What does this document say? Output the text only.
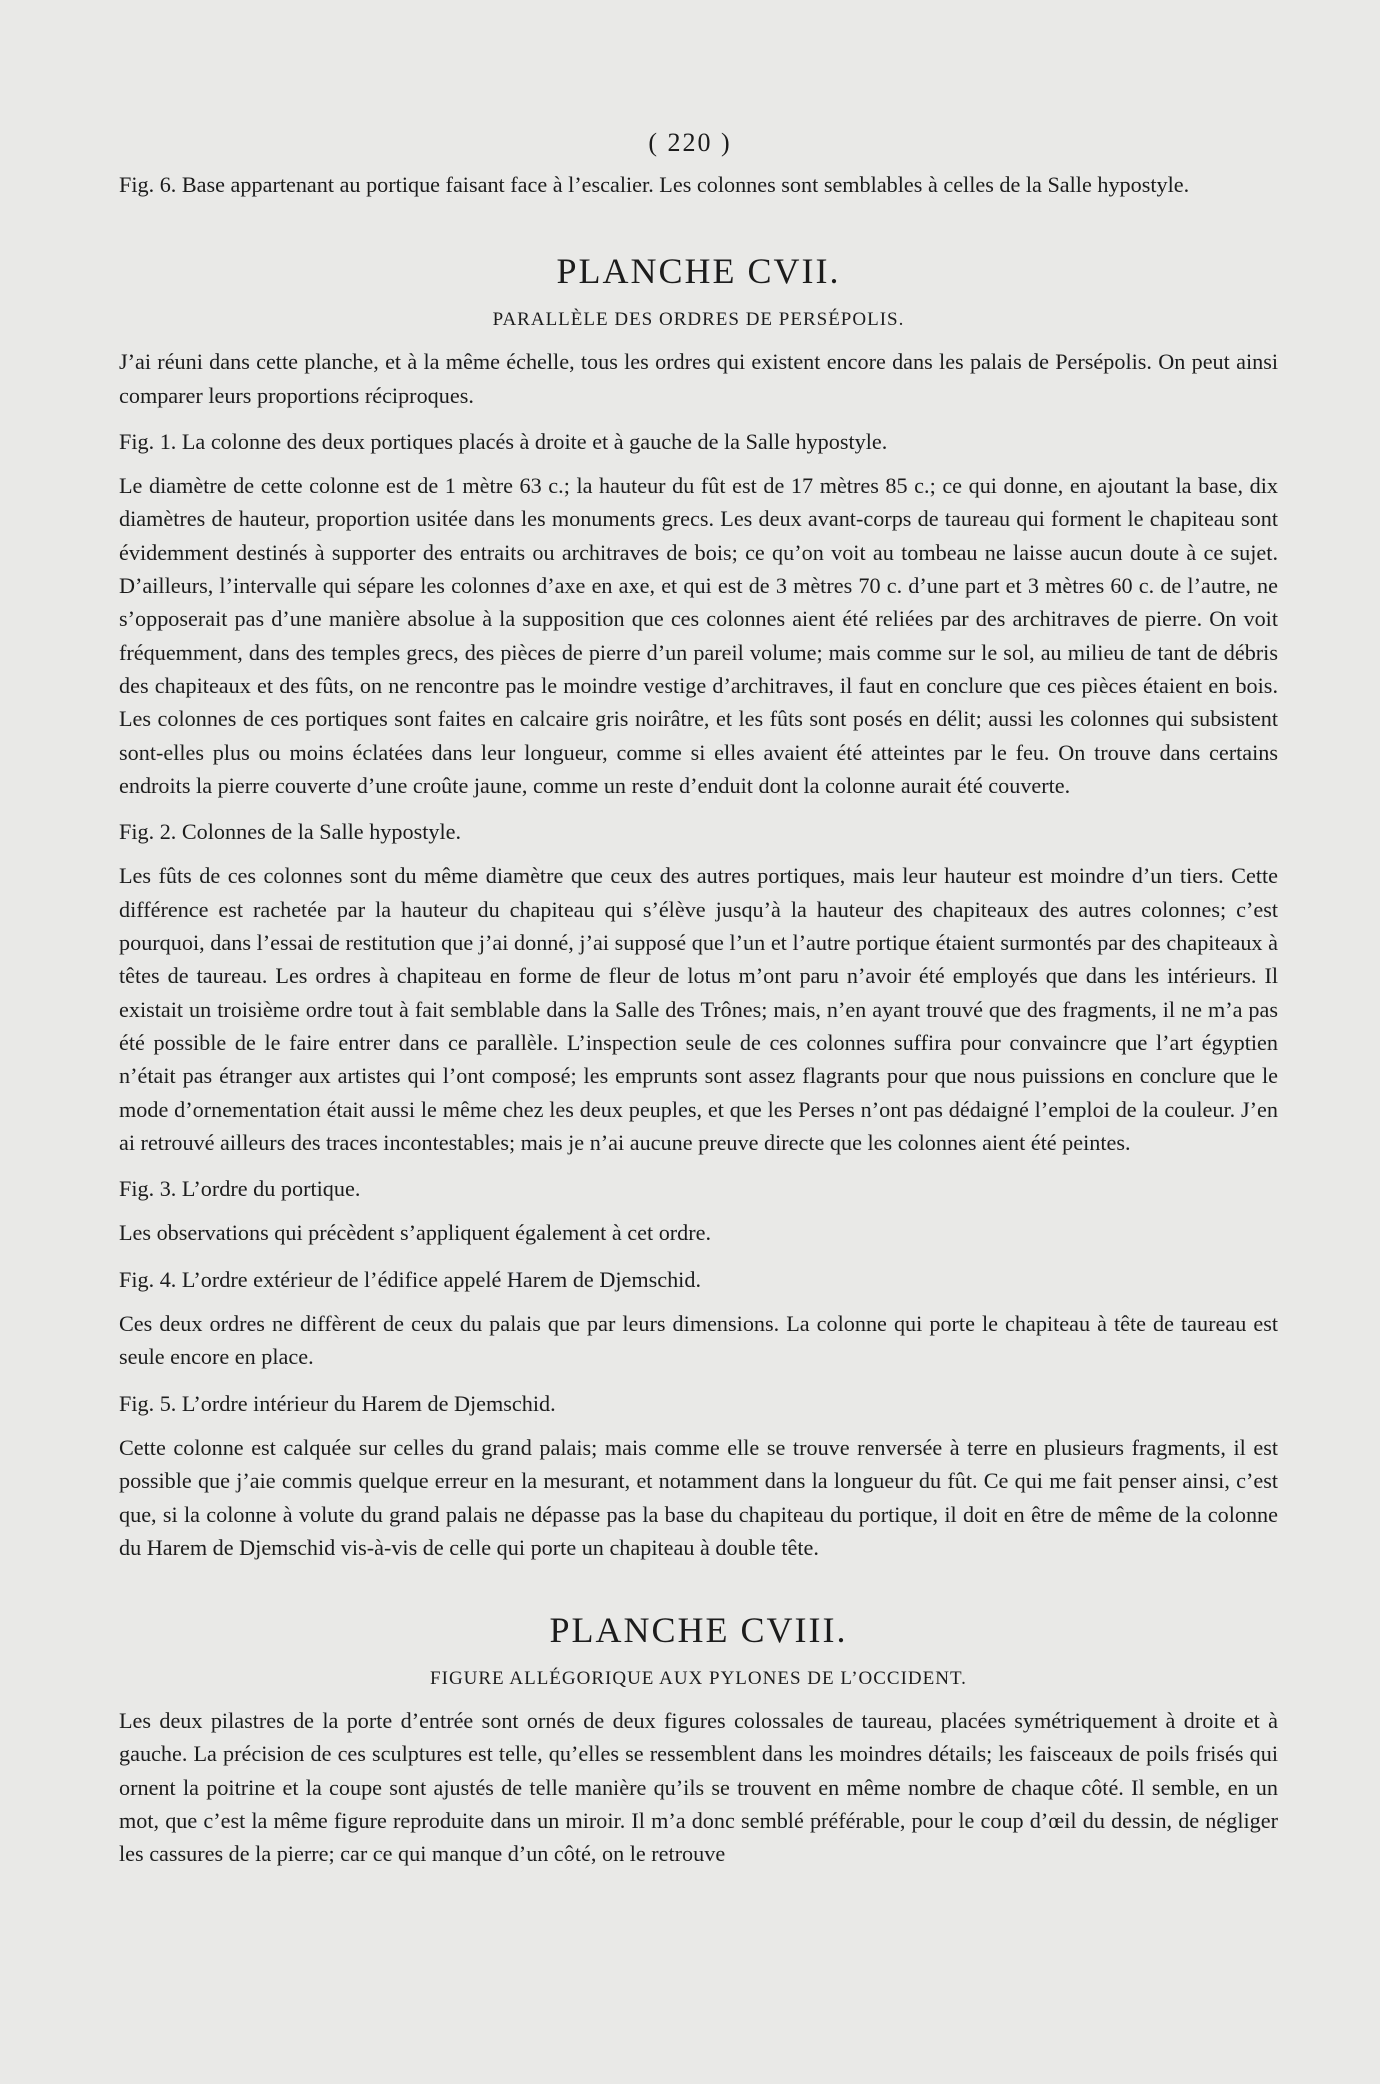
( 220 )

Fig. 6. Base appartenant au portique faisant face à l’escalier. Les colonnes sont semblables à celles de la Salle hypostyle.

PLANCHE CVII.
PARALLÈLE DES ORDRES DE PERSÉPOLIS.

J’ai réuni dans cette planche, et à la même échelle, tous les ordres qui existent encore dans les palais de Persépolis. On peut ainsi comparer leurs proportions réciproques.

Fig. 1. La colonne des deux portiques placés à droite et à gauche de la Salle hypostyle.

Le diamètre de cette colonne est de 1 mètre 63 c.; la hauteur du fût est de 17 mètres 85 c.; ce qui donne, en ajoutant la base, dix diamètres de hauteur, proportion usitée dans les monuments grecs. Les deux avant-corps de taureau qui forment le chapiteau sont évidemment destinés à supporter des entraits ou architraves de bois; ce qu’on voit au tombeau ne laisse aucun doute à ce sujet. D’ailleurs, l’intervalle qui sépare les colonnes d’axe en axe, et qui est de 3 mètres 70 c. d’une part et 3 mètres 60 c. de l’autre, ne s’opposerait pas d’une manière absolue à la supposition que ces colonnes aient été reliées par des architraves de pierre. On voit fréquemment, dans des temples grecs, des pièces de pierre d’un pareil volume; mais comme sur le sol, au milieu de tant de débris des chapiteaux et des fûts, on ne rencontre pas le moindre vestige d’architraves, il faut en conclure que ces pièces étaient en bois. Les colonnes de ces portiques sont faites en calcaire gris noirâtre, et les fûts sont posés en délit; aussi les colonnes qui subsistent sont-elles plus ou moins éclatées dans leur longueur, comme si elles avaient été atteintes par le feu. On trouve dans certains endroits la pierre couverte d’une croûte jaune, comme un reste d’enduit dont la colonne aurait été couverte.

Fig. 2. Colonnes de la Salle hypostyle.

Les fûts de ces colonnes sont du même diamètre que ceux des autres portiques, mais leur hauteur est moindre d’un tiers. Cette différence est rachetée par la hauteur du chapiteau qui s’élève jusqu’à la hauteur des chapiteaux des autres colonnes; c’est pourquoi, dans l’essai de restitution que j’ai donné, j’ai supposé que l’un et l’autre portique étaient surmontés par des chapiteaux à têtes de taureau. Les ordres à chapiteau en forme de fleur de lotus m’ont paru n’avoir été employés que dans les intérieurs. Il existait un troisième ordre tout à fait semblable dans la Salle des Trônes; mais, n’en ayant trouvé que des fragments, il ne m’a pas été possible de le faire entrer dans ce parallèle. L’inspection seule de ces colonnes suffira pour convaincre que l’art égyptien n’était pas étranger aux artistes qui l’ont composé; les emprunts sont assez flagrants pour que nous puissions en conclure que le mode d’ornementation était aussi le même chez les deux peuples, et que les Perses n’ont pas dédaigné l’emploi de la couleur. J’en ai retrouvé ailleurs des traces incontestables; mais je n’ai aucune preuve directe que les colonnes aient été peintes.

Fig. 3. L’ordre du portique.

Les observations qui précèdent s’appliquent également à cet ordre.

Fig. 4. L’ordre extérieur de l’édifice appelé Harem de Djemschid.

Ces deux ordres ne diffèrent de ceux du palais que par leurs dimensions. La colonne qui porte le chapiteau à tête de taureau est seule encore en place.

Fig. 5. L’ordre intérieur du Harem de Djemschid.

Cette colonne est calquée sur celles du grand palais; mais comme elle se trouve renversée à terre en plusieurs fragments, il est possible que j’aie commis quelque erreur en la mesurant, et notamment dans la longueur du fût. Ce qui me fait penser ainsi, c’est que, si la colonne à volute du grand palais ne dépasse pas la base du chapiteau du portique, il doit en être de même de la colonne du Harem de Djemschid vis-à-vis de celle qui porte un chapiteau à double tête.

PLANCHE CVIII.
FIGURE ALLÉGORIQUE AUX PYLONES DE L’OCCIDENT.

Les deux pilastres de la porte d’entrée sont ornés de deux figures colossales de taureau, placées symétriquement à droite et à gauche. La précision de ces sculptures est telle, qu’elles se ressemblent dans les moindres détails; les faisceaux de poils frisés qui ornent la poitrine et la coupe sont ajustés de telle manière qu’ils se trouvent en même nombre de chaque côté. Il semble, en un mot, que c’est la même figure reproduite dans un miroir. Il m’a donc semblé préférable, pour le coup d’œil du dessin, de négliger les cassures de la pierre; car ce qui manque d’un côté, on le retrouve
